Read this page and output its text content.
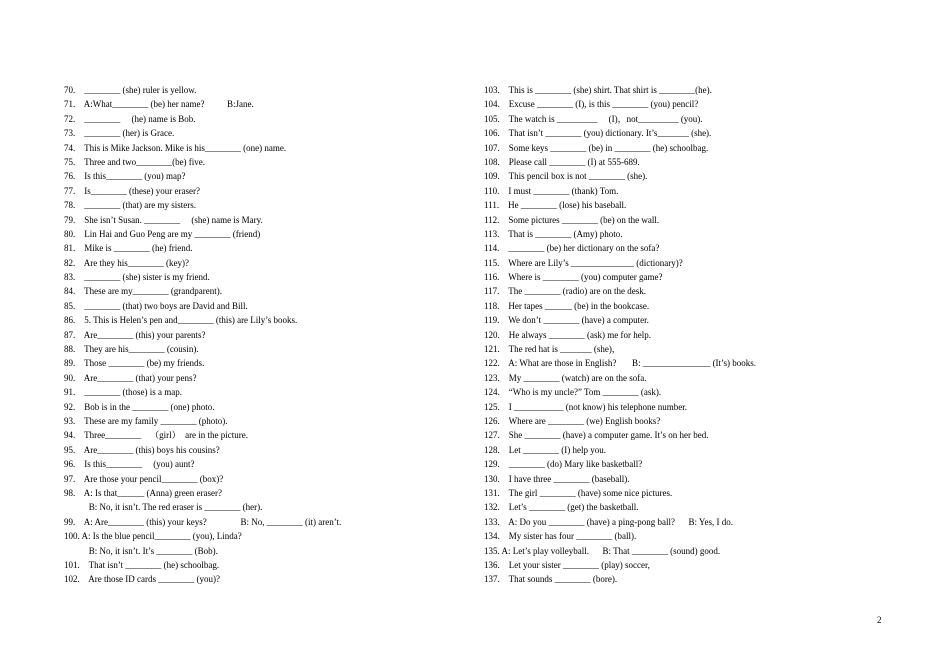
70.    ________ (she) ruler is yellow.
71.    A:What________ (be) her name?          B:Jane.
72.    ________     (he) name is Bob.
73.    ________ (her) is Grace.
74.    This is Mike Jackson. Mike is his________ (one) name.
75.    Three and two________(be) five.
76.    Is this________ (you) map?
77.    Is________ (these) your eraser?
78.    ________ (that) are my sisters.
79.    She isn’t Susan. ________     (she) name is Mary.
80.    Lin Hai and Guo Peng are my ________ (friend)
81.    Mike is ________ (he) friend.
82.    Are they his________ (key)?
83.    ________ (she) sister is my friend.
84.    These are my________ (grandparent).
85.    ________ (that) two boys are David and Bill.
86.    5. This is Helen’s pen and________ (this) are Lily’s books.
87.    Are________ (this) your parents?
88.    They are his________ (cousin).
89.    Those ________ (be) my friends.
90.    Are________ (that) your pens?
91.    ________ (those) is a map.
92.    Bob is in the ________ (one) photo.
93.    These are my family ________ (photo).
94.    Three________    （girl）  are in the picture.
95.    Are________ (this) boys his cousins?
96.    Is this________     (you) aunt?
97.    Are those your pencil________ (box)?
98.    A: Is that______ (Anna) green eraser?
B: No, it isn’t. The red eraser is ________ (her).
99.    A: Are________ (this) your keys?               B: No, ________ (it) aren’t.
100. A: Is the blue pencil________ (you), Linda?
B: No, it isn’t. It’s ________ (Bob).
101.    That isn’t ________ (he) schoolbag.
102.    Are those ID cards ________ (you)?
103.    This is ________ (she) shirt. That shirt is ________(he).
104.    Excuse ________ (I), is this ________ (you) pencil?
105.    The watch is _________     (I)，not_________ (you).
106.    That isn’t ________ (you) dictionary. It’s_______ (she).
107.    Some keys ________ (be) in ________ (he) schoolbag.
108.    Please call ________ (I) at 555-689.
109.    This pencil box is not ________ (she).
110.    I must ________ (thank) Tom.
111.    He ________ (lose) his baseball.
112.    Some pictures ________ (be) on the wall.
113.    That is ________ (Amy) photo.
114.    ________ (be) her dictionary on the sofa?
115.    Where are Lily’s ______________ (dictionary)?
116.    Where is ________ (you) computer game?
117.    The ________ (radio) are on the desk.
118.    Her tapes ______ (be) in the bookcase.
119.    We don’t ________ (have) a computer.
120.    He always ________ (ask) me for help.
121.    The red hat is _______ (she)，
122.    A: What are those in English?       B: _______________ (It’s) books.
123.    My ________ (watch) are on the sofa.
124.    “Who is my uncle?” Tom ________ (ask).
125.    I ___________ (not know) his telephone number.
126.    Where are ________ (we) English books?
127.    She ________ (have) a computer game. It’s on her bed.
128.    Let ________ (I) help you.
129.    ________ (do) Mary like basketball?
130.    I have three ________ (baseball).
131.    The girl ________ (have) some nice pictures.
132.    Let’s ________ (get) the basketball.
133.    A: Do you ________ (have) a ping-pong ball?      B: Yes, I do.
134.    My sister has four ________ (ball).
135. A: Let’s play volleyball.      B: That ________ (sound) good.
136.    Let your sister ________ (play) soccer,
137.    That sounds ________ (bore).
2
